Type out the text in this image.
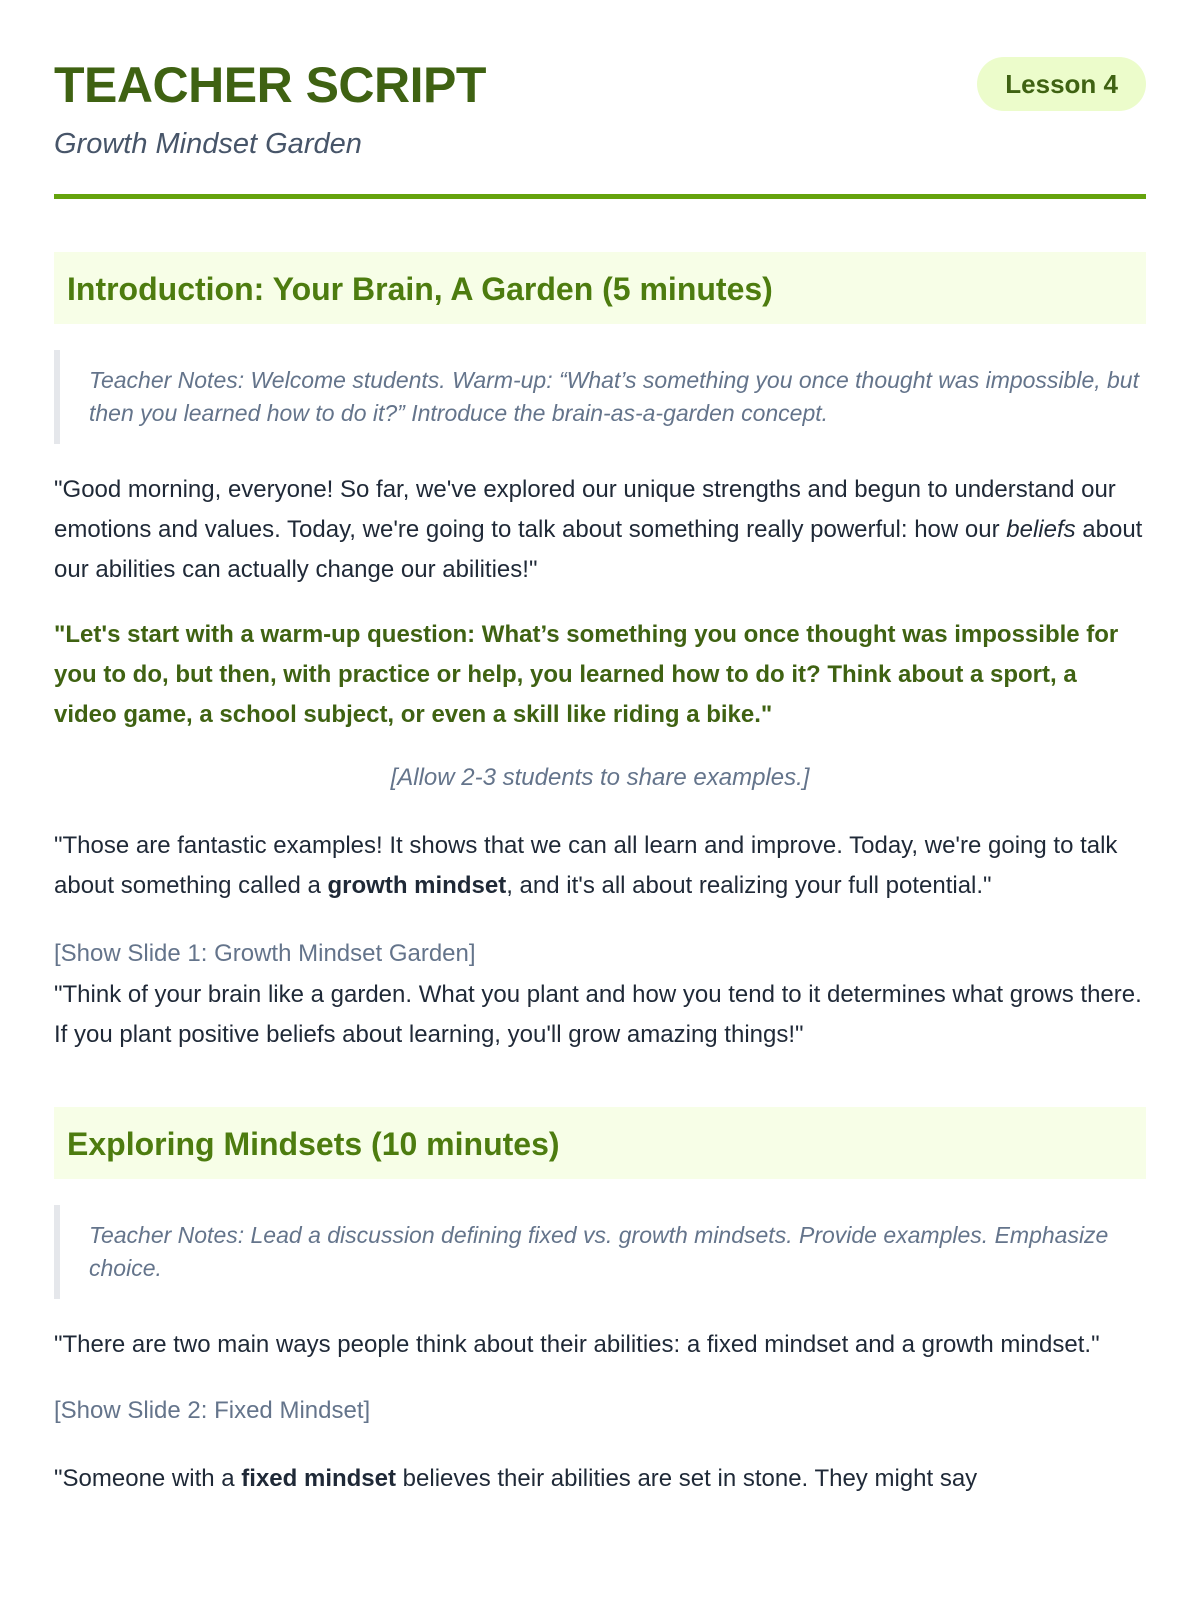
TEACHER SCRIPT
Growth Mindset Garden
Lesson 4
Introduction: Your Brain, A Garden (5 minutes)
Teacher Notes: Welcome students. Warm-up: “What’s something you once thought was impossible, but then you learned how to do it?” Introduce the brain-as-a-garden concept.

"Good morning, everyone! So far, we've explored our unique strengths and begun to understand our emotions and values. Today, we're going to talk about something really powerful: how our beliefs about our abilities can actually change our abilities!"

"Let's start with a warm-up question: What’s something you once thought was impossible for you to do, but then, with practice or help, you learned how to do it? Think about a sport, a video game, a school subject, or even a skill like riding a bike."

[Allow 2-3 students to share examples.]

"Those are fantastic examples! It shows that we can all learn and improve. Today, we're going to talk about something called a growth mindset, and it's all about realizing your full potential."

[Show Slide 1: Growth Mindset Garden]

"Think of your brain like a garden. What you plant and how you tend to it determines what grows there. If you plant positive beliefs about learning, you'll grow amazing things!"

Exploring Mindsets (10 minutes)
Teacher Notes: Lead a discussion defining fixed vs. growth mindsets. Provide examples. Emphasize choice.

"There are two main ways people think about their abilities: a fixed mindset and a growth mindset."

[Show Slide 2: Fixed Mindset]

"Someone with a fixed mindset believes their abilities are set in stone. They might say
